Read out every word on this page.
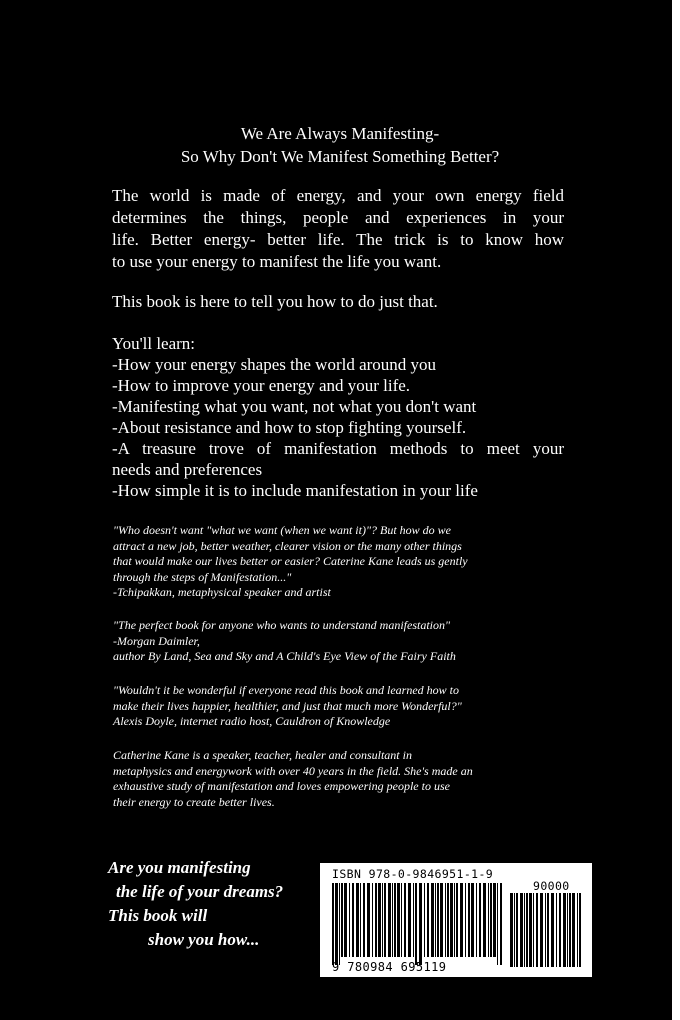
We Are Always Manifesting-
So Why Don't We Manifest Something Better?
The world is made of energy, and your own energy field
determines the things, people and experiences in your
life. Better energy- better life. The trick is to know how
to use your energy to manifest the life you want.
This book is here to tell you how to do just that.
You'll learn:
-How your energy shapes the world around you
-How to improve your energy and your life.
-Manifesting what you want, not what you don't want
-About resistance and how to stop fighting yourself.
-A treasure trove of manifestation methods to meet your
needs and preferences
-How simple it is to include manifestation in your life
"Who doesn't want "what we want (when we want it)"? But how do we
attract a new job, better weather, clearer vision or the many other things
that would make our lives better or easier? Caterine Kane leads us gently
through the steps of Manifestation..."
-Tchipakkan, metaphysical speaker and artist
"The perfect book for anyone who wants to understand manifestation"
-Morgan Daimler,
author By Land, Sea and Sky and A Child's Eye View of the Fairy Faith
"Wouldn't it be wonderful if everyone read this book and learned how to
make their lives happier, healthier, and just that much more Wonderful?"
Alexis Doyle, internet radio host, Cauldron of Knowledge
Catherine Kane is a speaker, teacher, healer and consultant in
metaphysics and energywork with over 40 years in the field. She's made an
exhaustive study of manifestation and loves empowering people to use
their energy to create better lives.
Are you manifesting
the life of your dreams?
This book will
show you how...
ISBN 978-0-9846951-1-9
90000
9 780984 695119
